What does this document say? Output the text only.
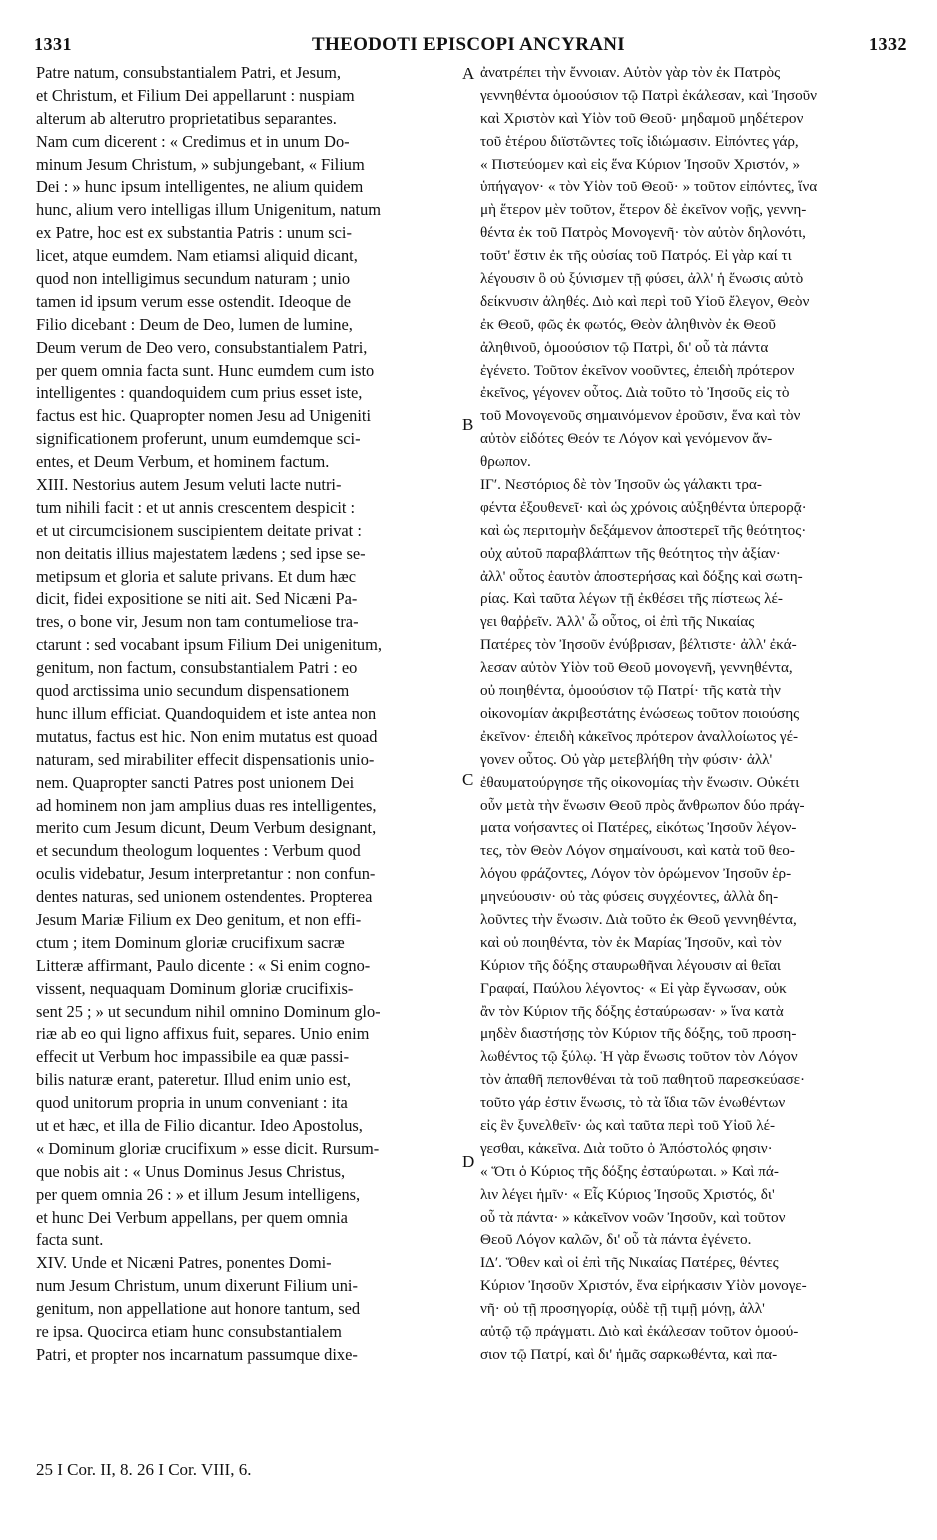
1331	THEODOTI EPISCOPI ANCYRANI	1332
Patre natum, consubstantialem Patri, et Jesum,
et Christum, et Filium Dei appellarunt : nuspiam
alterum ab alterutro proprietatibus separantes.
Nam cum dicerent : « Credimus et in unum Do-
minum Jesum Christum, » subjungebant, « Filium
Dei : » hunc ipsum intelligentes, ne alium quidem
hunc, alium vero intelligas illum Unigenitum, natum
ex Patre, hoc est ex substantia Patris : unum sci-
licet, atque eumdem. Nam etiamsi aliquid dicant,
quod non intelligimus secundum naturam ; unio
tamen id ipsum verum esse ostendit. Ideoque de
Filio dicebant : Deum de Deo, lumen de lumine,
Deum verum de Deo vero, consubstantialem Patri,
per quem omnia facta sunt. Hunc eumdem cum isto
intelligentes : quandoquidem cum prius esset iste,
factus est hic. Quapropter nomen Jesu ad Unigeniti
significationem proferunt, unum eumdemque sci-
entes, et Deum Verbum, et hominem factum.
XIII. Nestorius autem Jesum veluti lacte nutri-
tum nihili facit : et ut annis crescentem despicit :
et ut circumcisionem suscipientem deitate privat :
non deitatis illius majestatem lædens ; sed ipse se-
metipsum et gloria et salute privans. Et dum hæc
dicit, fidei expositione se niti ait. Sed Nicæni Pa-
tres, o bone vir, Jesum non tam contumeliose tra-
ctarunt : sed vocabant ipsum Filium Dei unigenitum,
genitum, non factum, consubstantialem Patri : eo
quod arctissima unio secundum dispensationem
hunc illum efficiat. Quandoquidem et iste antea non
mutatus, factus est hic. Non enim mutatus est quoad
naturam, sed mirabiliter effecit dispensationis unio-
nem. Quapropter sancti Patres post unionem Dei
ad hominem non jam amplius duas res intelligentes,
merito cum Jesum dicunt, Deum Verbum designant,
et secundum theologum loquentes : Verbum quod
oculis videbatur, Jesum interpretantur : non confun-
dentes naturas, sed unionem ostendentes. Propterea
Jesum Mariæ Filium ex Deo genitum, et non effi-
ctum ; item Dominum gloriæ crucifixum sacræ
Litteræ affirmant, Paulo dicente : « Si enim cogno-
vissent, nequaquam Dominum gloriæ crucifixis-
sent 25 ; » ut secundum nihil omnino Dominum glo-
riæ ab eo qui ligno affixus fuit, separes. Unio enim
effecit ut Verbum hoc impassibile ea quæ passi-
bilis naturæ erant, pateretur. Illud enim unio est,
quod unitorum propria in unum conveniant : ita
ut et hæc, et illa de Filio dicantur. Ideo Apostolus,
« Dominum gloriæ crucifixum » esse dicit. Rursum-
que nobis ait : « Unus Dominus Jesus Christus,
per quem omnia 26 : » et illum Jesum intelligens,
et hunc Dei Verbum appellans, per quem omnia
facta sunt.
XIV. Unde et Nicæni Patres, ponentes Domi-
num Jesum Christum, unum dixerunt Filium uni-
genitum, non appellatione aut honore tantum, sed
re ipsa. Quocirca etiam hunc consubstantialem
Patri, et propter nos incarnatum passumque dixe-
A
B
C
D
ἀνατρέπει τὴν ἔννοιαν. Αὐτὸν γὰρ τὸν ἐκ Πατρὸς
γεννηθέντα ὁμοούσιον τῷ Πατρὶ ἐκάλεσαν, καὶ Ἰησοῦν
καὶ Χριστὸν καὶ Υἱὸν τοῦ Θεοῦ· μηδαμοῦ μηδέτερον
τοῦ ἑτέρου διϊστῶντες τοῖς ἰδιώμασιν. Εἰπόντες γάρ,
« Πιστεύομεν καὶ εἰς ἕνα Κύριον Ἰησοῦν Χριστόν, »
ὑπήγαγον· « τὸν Υἱὸν τοῦ Θεοῦ· » τοῦτον εἰπόντες, ἵνα
μὴ ἕτερον μὲν τοῦτον, ἕτερον δὲ ἐκεῖνον νοῇς, γεννη-
θέντα ἐκ τοῦ Πατρὸς Μονογενῆ· τὸν αὐτὸν δηλονότι,
τοῦτ' ἔστιν ἐκ τῆς οὐσίας τοῦ Πατρός. Εἰ γὰρ καί τι
λέγουσιν ὃ οὐ ξύνισμεν τῇ φύσει, ἀλλ' ἡ ἕνωσις αὐτὸ
δείκνυσιν ἀληθές. Διὸ καὶ περὶ τοῦ Υἱοῦ ἔλεγον, Θεὸν
ἐκ Θεοῦ, φῶς ἐκ φωτός, Θεὸν ἀληθινὸν ἐκ Θεοῦ
ἀληθινοῦ, ὁμοούσιον τῷ Πατρὶ, δι' οὗ τὰ πάντα
ἐγένετο. Τοῦτον ἐκεῖνον νοοῦντες, ἐπειδὴ πρότερον
ἐκεῖνος, γέγονεν οὗτος. Διὰ τοῦτο τὸ Ἰησοῦς εἰς τὸ
τοῦ Μονογενοῦς σημαινόμενον ἐροῦσιν, ἕνα καὶ τὸν
αὐτὸν εἰδότες Θεόν τε Λόγον καὶ γενόμενον ἄν-
θρωπον.
ΙΓʹ. Νεστόριος δὲ τὸν Ἰησοῦν ὡς γάλακτι τρα-
φέντα ἐξουθενεῖ· καὶ ὡς χρόνοις αὐξηθέντα ὑπερορᾷ·
καὶ ὡς περιτομὴν δεξάμενον ἀποστερεῖ τῆς θεότητος·
οὐχ αὐτοῦ παραβλάπτων τῆς θεότητος τὴν ἀξίαν·
ἀλλ' οὗτος ἑαυτὸν ἀποστερήσας καὶ δόξης καὶ σωτη-
ρίας. Καὶ ταῦτα λέγων τῇ ἐκθέσει τῆς πίστεως λέ-
γει θαῤῥεῖν. Ἀλλ' ὦ οὗτος, οἱ ἐπὶ τῆς Νικαίας
Πατέρες τὸν Ἰησοῦν ἐνύβρισαν, βέλτιστε· ἀλλ' ἐκά-
λεσαν αὐτὸν Υἱὸν τοῦ Θεοῦ μονογενῆ, γεννηθέντα,
οὐ ποιηθέντα, ὁμοούσιον τῷ Πατρί· τῆς κατὰ τὴν
οἰκονομίαν ἀκριβεστάτης ἑνώσεως τοῦτον ποιούσης
ἐκεῖνον· ἐπειδὴ κἀκεῖνος πρότερον ἀναλλοίωτος γέ-
γονεν οὗτος. Οὐ γὰρ μετεβλήθη τὴν φύσιν· ἀλλ'
ἐθαυματούργησε τῆς οἰκονομίας τὴν ἕνωσιν. Οὐκέτι
οὖν μετὰ τὴν ἕνωσιν Θεοῦ πρὸς ἄνθρωπον δύο πράγ-
ματα νοήσαντες οἱ Πατέρες, εἰκότως Ἰησοῦν λέγον-
τες, τὸν Θεὸν Λόγον σημαίνουσι, καὶ κατὰ τοῦ θεο-
λόγου φράζοντες, Λόγον τὸν ὁρώμενον Ἰησοῦν ἑρ-
μηνεύουσιν· οὐ τὰς φύσεις συγχέοντες, ἀλλὰ δη-
λοῦντες τὴν ἕνωσιν. Διὰ τοῦτο ἐκ Θεοῦ γεννηθέντα,
καὶ οὐ ποιηθέντα, τὸν ἐκ Μαρίας Ἰησοῦν, καὶ τὸν
Κύριον τῆς δόξης σταυρωθῆναι λέγουσιν αἱ θεῖαι
Γραφαί, Παύλου λέγοντος· « Εἰ γὰρ ἔγνωσαν, οὐκ
ἂν τὸν Κύριον τῆς δόξης ἐσταύρωσαν· » ἵνα κατὰ
μηδὲν διαστήσῃς τὸν Κύριον τῆς δόξης, τοῦ προση-
λωθέντος τῷ ξύλῳ. Ἡ γὰρ ἕνωσις τοῦτον τὸν Λόγον
τὸν ἀπαθῆ πεπονθέναι τὰ τοῦ παθητοῦ παρεσκεύασε·
τοῦτο γάρ ἐστιν ἕνωσις, τὸ τὰ ἴδια τῶν ἑνωθέντων
εἰς ἓν ξυνελθεῖν· ὡς καὶ ταῦτα περὶ τοῦ Υἱοῦ λέ-
γεσθαι, κἀκεῖνα. Διὰ τοῦτο ὁ Ἀπόστολός φησιν·
« Ὅτι ὁ Κύριος τῆς δόξης ἐσταύρωται. » Καὶ πά-
λιν λέγει ἡμῖν· « Εἷς Κύριος Ἰησοῦς Χριστός, δι'
οὗ τὰ πάντα· » κἀκεῖνον νοῶν Ἰησοῦν, καὶ τοῦτον
Θεοῦ Λόγον καλῶν, δι' οὗ τὰ πάντα ἐγένετο.
ΙΔʹ. Ὅθεν καὶ οἱ ἐπὶ τῆς Νικαίας Πατέρες, θέντες
Κύριον Ἰησοῦν Χριστόν, ἕνα εἰρήκασιν Υἱὸν μονογε-
νῆ· οὐ τῇ προσηγορίᾳ, οὐδὲ τῇ τιμῇ μόνῃ, ἀλλ'
αὐτῷ τῷ πράγματι. Διὸ καὶ ἐκάλεσαν τοῦτον ὁμοού-
σιον τῷ Πατρί, καὶ δι' ἡμᾶς σαρκωθέντα, καὶ πα-
25 I Cor. II, 8. 26 I Cor. VIII, 6.
